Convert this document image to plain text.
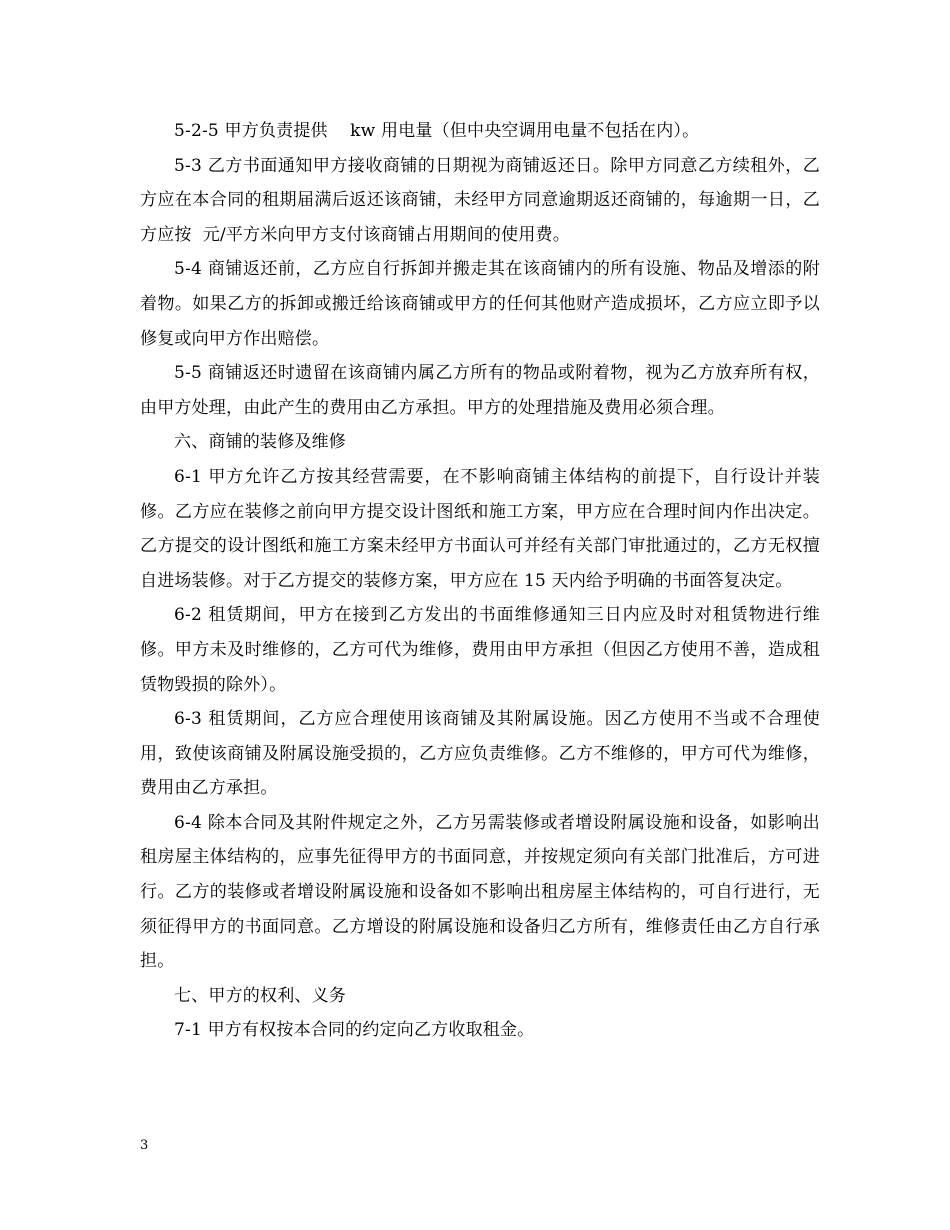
5-2-5 甲方负责提供    kw 用电量（但中央空调用电量不包括在内）。

5-3 乙方书面通知甲方接收商铺的日期视为商铺返还日。除甲方同意乙方续租外，乙方应在本合同的租期届满后返还该商铺，未经甲方同意逾期返还商铺的，每逾期一日，乙方应按  元/平方米向甲方支付该商铺占用期间的使用费。

5-4 商铺返还前，乙方应自行拆卸并搬走其在该商铺内的所有设施、物品及增添的附着物。如果乙方的拆卸或搬迁给该商铺或甲方的任何其他财产造成损坏，乙方应立即予以修复或向甲方作出赔偿。

5-5 商铺返还时遗留在该商铺内属乙方所有的物品或附着物，视为乙方放弃所有权，由甲方处理，由此产生的费用由乙方承担。甲方的处理措施及费用必须合理。

六、商铺的装修及维修

6-1 甲方允许乙方按其经营需要，在不影响商铺主体结构的前提下，自行设计并装修。乙方应在装修之前向甲方提交设计图纸和施工方案，甲方应在合理时间内作出决定。乙方提交的设计图纸和施工方案未经甲方书面认可并经有关部门审批通过的，乙方无权擅自进场装修。对于乙方提交的装修方案，甲方应在 15 天内给予明确的书面答复决定。

6-2 租赁期间，甲方在接到乙方发出的书面维修通知三日内应及时对租赁物进行维修。甲方未及时维修的，乙方可代为维修，费用由甲方承担（但因乙方使用不善，造成租赁物毁损的除外）。

6-3 租赁期间，乙方应合理使用该商铺及其附属设施。因乙方使用不当或不合理使用，致使该商铺及附属设施受损的，乙方应负责维修。乙方不维修的，甲方可代为维修，费用由乙方承担。

6-4 除本合同及其附件规定之外，乙方另需装修或者增设附属设施和设备，如影响出租房屋主体结构的，应事先征得甲方的书面同意，并按规定须向有关部门批准后，方可进行。乙方的装修或者增设附属设施和设备如不影响出租房屋主体结构的，可自行进行，无须征得甲方的书面同意。乙方增设的附属设施和设备归乙方所有，维修责任由乙方自行承担。

七、甲方的权利、义务

7-1 甲方有权按本合同的约定向乙方收取租金。

3
